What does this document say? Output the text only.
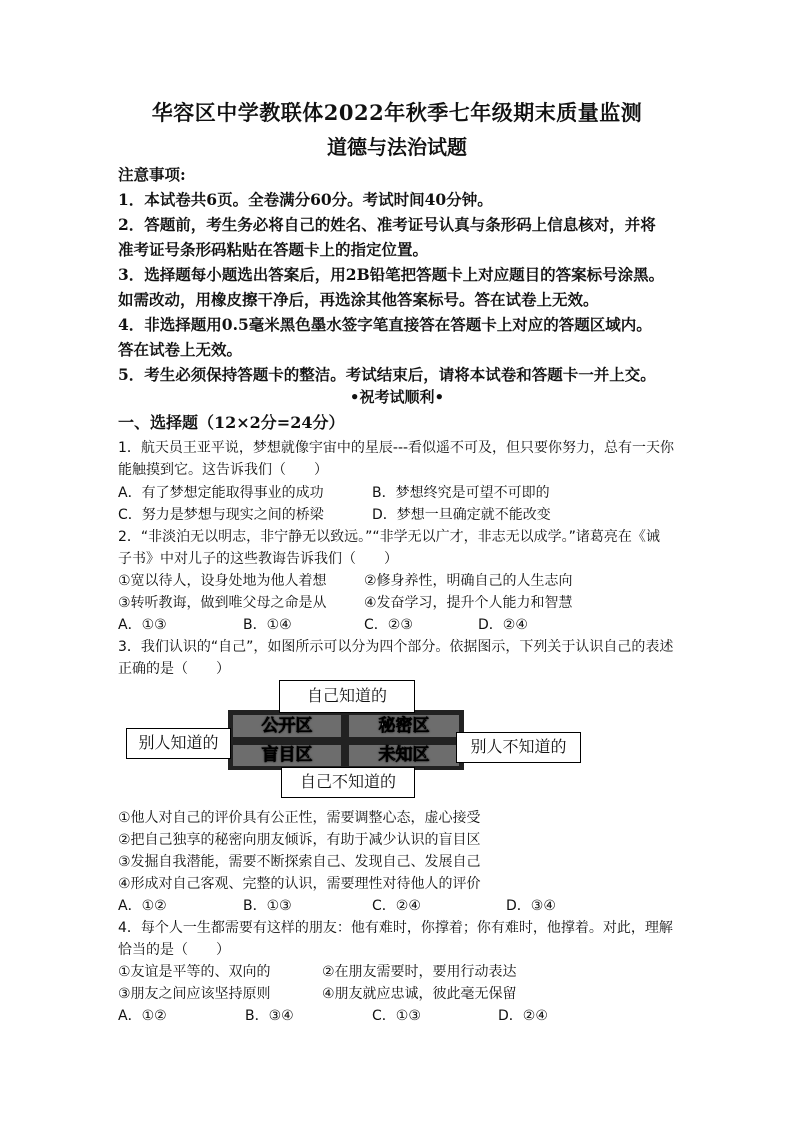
华容区中学教联体2022年秋季七年级期末质量监测
道德与法治试题
注意事项:
1．本试卷共6页。全卷满分60分。考试时间40分钟。
2．答题前，考生务必将自己的姓名、准考证号认真与条形码上信息核对，并将
准考证号条形码粘贴在答题卡上的指定位置。
3．选择题每小题选出答案后，用2B铅笔把答题卡上对应题目的答案标号涂黑。
如需改动，用橡皮擦干净后，再选涂其他答案标号。答在试卷上无效。
4．非选择题用0.5毫米黑色墨水签字笔直接答在答题卡上对应的答题区域内。
答在试卷上无效。
5．考生必须保持答题卡的整洁。考试结束后，请将本试卷和答题卡一并上交。
•祝考试顺利•
一、选择题（12×2分=24分）
1．航天员王亚平说，梦想就像宇宙中的星辰---看似遥不可及，但只要你努力，总有一天你
能触摸到它。这告诉我们（　　）
A．有了梦想定能取得事业的成功	B．梦想终究是可望不可即的
C．努力是梦想与现实之间的桥梁	D．梦想一旦确定就不能改变
2．“非淡泊无以明志，非宁静无以致远。”“非学无以广才，非志无以成学。”诸葛亮在《诫
子书》中对儿子的这些教诲告诉我们（　　）
①宽以待人，设身处地为他人着想	②修身养性，明确自己的人生志向
③转听教诲，做到唯父母之命是从	④发奋学习，提升个人能力和智慧
A．①③	B．①④	C．②③	D．②④
3．我们认识的“自己”，如图所示可以分为四个部分。依据图示，下列关于认识自己的表述
正确的是（　　）
公开区	秘密区
盲目区	未知区
自己知道的
自己不知道的
别人知道的	别人不知道的
①他人对自己的评价具有公正性，需要调整心态，虚心接受
②把自己独享的秘密向朋友倾诉，有助于减少认识的盲目区
③发掘自我潜能，需要不断探索自己、发现自己、发展自己
④形成对自己客观、完整的认识，需要理性对待他人的评价
A．①②	B．①③	C．②④	D．③④
4．每个人一生都需要有这样的朋友：他有难时，你撑着；你有难时，他撑着。对此，理解
恰当的是（　　）
①友谊是平等的、双向的	②在朋友需要时，要用行动表达
③朋友之间应该坚持原则	④朋友就应忠诚，彼此毫无保留
A．①②	B．③④	C．①③	D．②④
